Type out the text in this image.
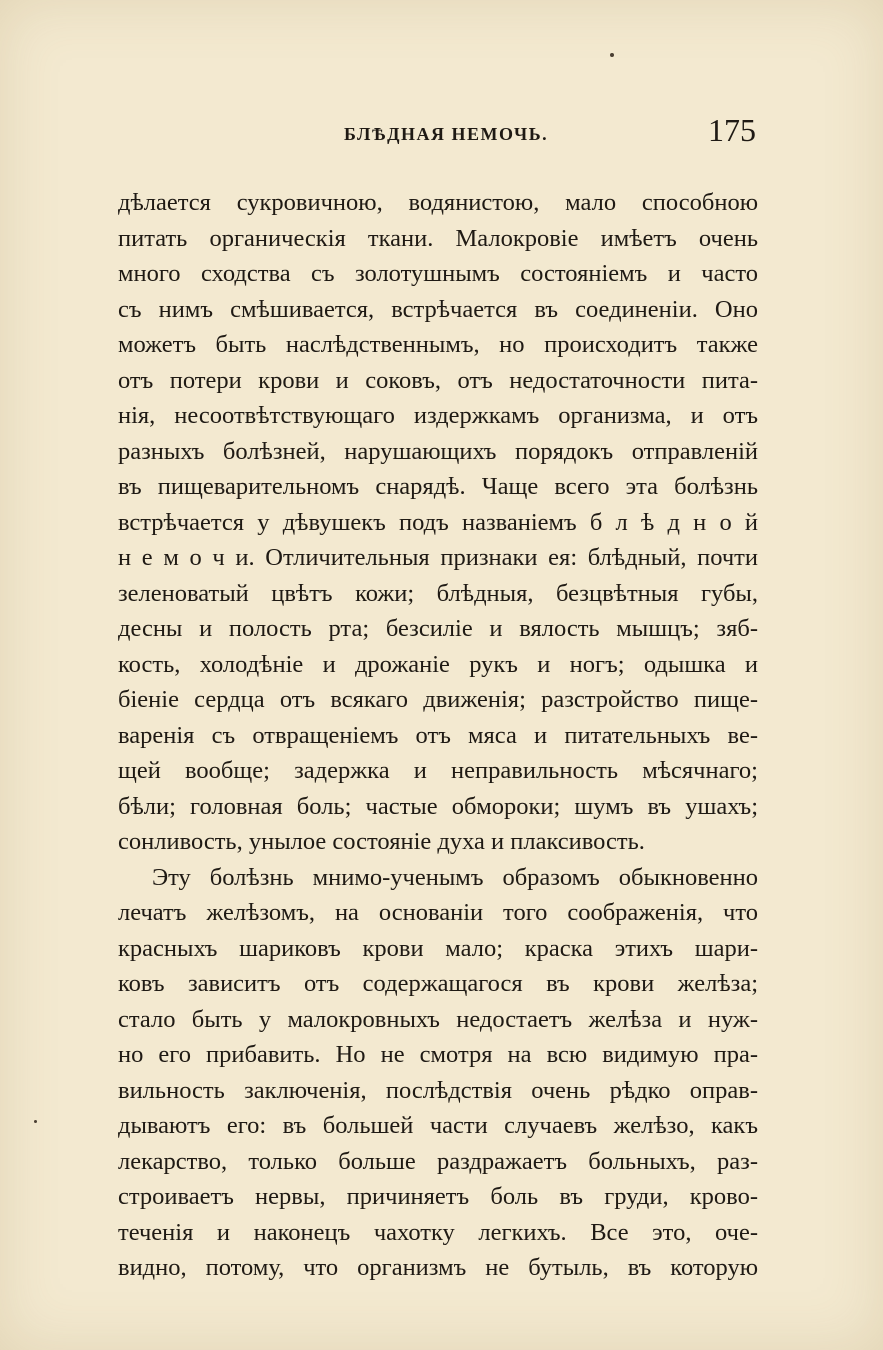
БЛѢДНАЯ НЕМОЧЬ.	175
дѣлается сукровичною, водянистою, мало способною
питать органическія ткани. Малокровіе имѣетъ очень
много сходства съ золотушнымъ состояніемъ и часто
съ нимъ смѣшивается, встрѣчается въ соединеніи. Оно
можетъ быть наслѣдственнымъ, но происходитъ также
отъ потери крови и соковъ, отъ недостаточности пита-
нія, несоотвѣтствующаго издержкамъ организма, и отъ
разныхъ болѣзней, нарушающихъ порядокъ отправленій
въ пищеварительномъ снарядѣ. Чаще всего эта болѣзнь
встрѣчается у дѣвушекъ подъ названіемъ б л ѣ д н о й
н е м о ч и. Отличительныя признаки ея: блѣдный, почти
зеленоватый цвѣтъ кожи; блѣдныя, безцвѣтныя губы,
десны и полость рта; безсиліе и вялость мышцъ; зяб-
кость, холодѣніе и дрожаніе рукъ и ногъ; одышка и
біеніе сердца отъ всякаго движенія; разстройство пище-
варенія съ отвращеніемъ отъ мяса и питательныхъ ве-
щей вообще; задержка и неправильность мѣсячнаго;
бѣли; головная боль; частые обмороки; шумъ въ ушахъ;
сонливость, унылое состояніе духа и плаксивость.
Эту болѣзнь мнимо-ученымъ образомъ обыкновенно
лечатъ желѣзомъ, на основаніи того соображенія, что
красныхъ шариковъ крови мало; краска этихъ шари-
ковъ зависитъ отъ содержащагося въ крови желѣза;
стало быть у малокровныхъ недостаетъ желѣза и нуж-
но его прибавить. Но не смотря на всю видимую пра-
вильность заключенія, послѣдствія очень рѣдко оправ-
дываютъ его: въ большей части случаевъ желѣзо, какъ
лекарство, только больше раздражаетъ больныхъ, раз-
строиваетъ нервы, причиняетъ боль въ груди, крово-
теченія и наконецъ чахотку легкихъ. Все это, оче-
видно, потому, что организмъ не бутыль, въ которую
